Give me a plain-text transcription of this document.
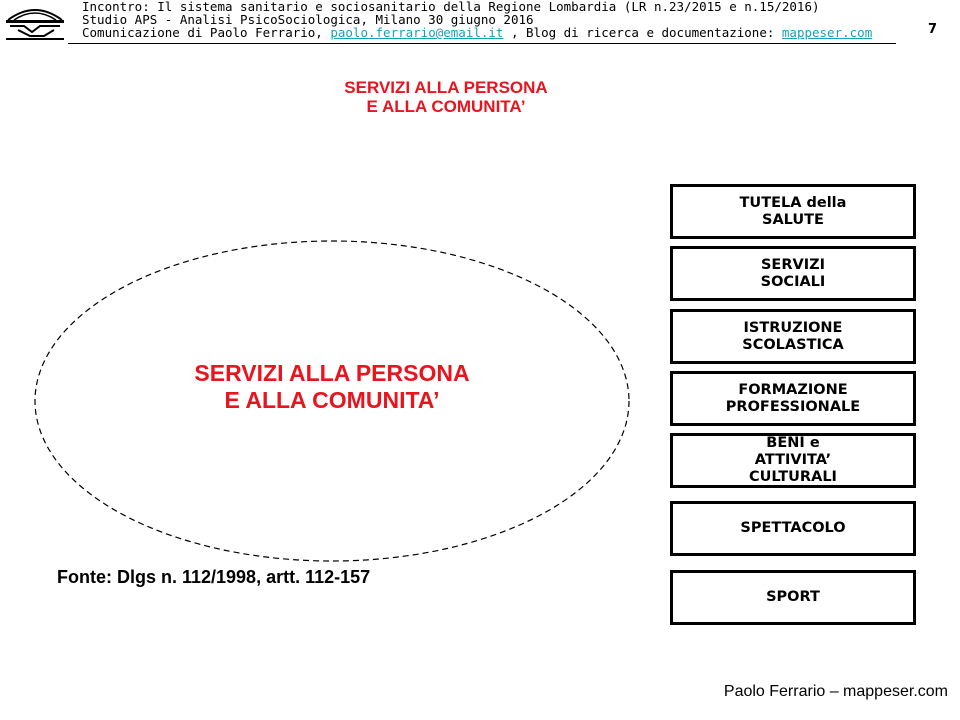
Incontro: Il sistema sanitario e sociosanitario della Regione Lombardia (LR n.23/2015 e n.15/2016)
Studio APS - Analisi PsicoSociologica, Milano 30 giugno 2016
Comunicazione di Paolo Ferrario, paolo.ferrario@email.it , Blog di ricerca e documentazione: mappeser.com	7
SERVIZI ALLA PERSONA
E ALLA COMUNITA’
SERVIZI ALLA PERSONA
E ALLA COMUNITA’
Fonte: Dlgs n. 112/1998, artt. 112-157
TUTELA della
SALUTE
SERVIZI
SOCIALI
ISTRUZIONE
SCOLASTICA
FORMAZIONE
PROFESSIONALE
BENI e
ATTIVITA’
CULTURALI
SPETTACOLO
SPORT
Paolo Ferrario – mappeser.com
